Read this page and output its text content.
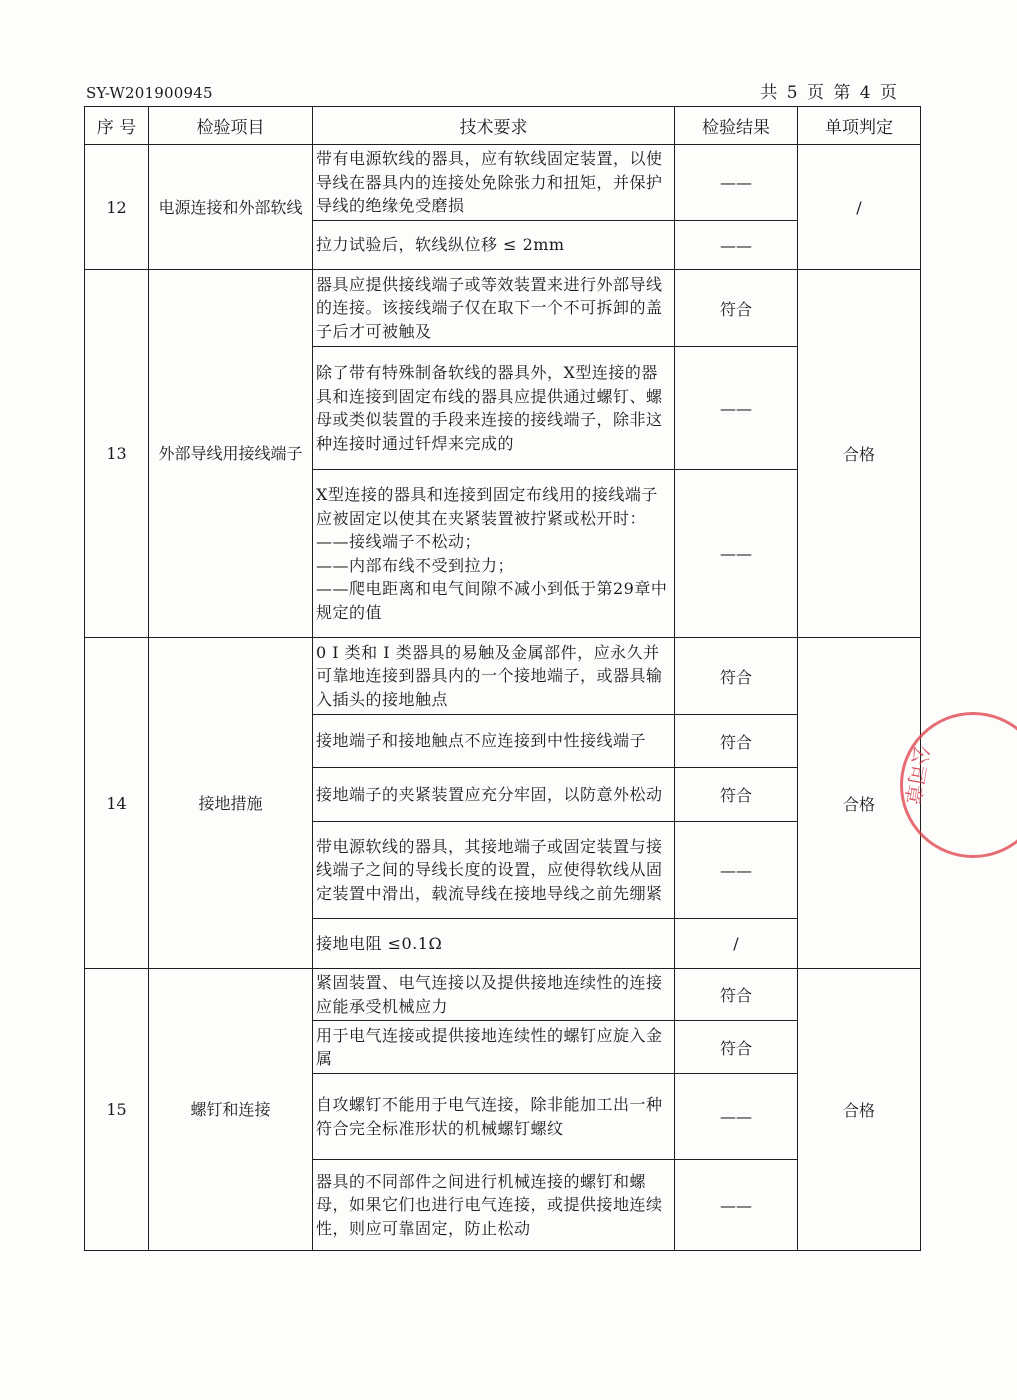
SY-W201900945	共 5 页 第 4 页
序 号	检验项目	技术要求	检验结果	单项判定
12	电源连接和外部软线	带有电源软线的器具，应有软线固定装置，以使导线在器具内的连接处免除张力和扭矩，并保护导线的绝缘免受磨损	——	/
		拉力试验后，软线纵位移 ≤ 2mm	——	
13	外部导线用接线端子	器具应提供接线端子或等效装置来进行外部导线的连接。该接线端子仅在取下一个不可拆卸的盖子后才可被触及	符合	合格
		除了带有特殊制备软线的器具外，X型连接的器具和连接到固定布线的器具应提供通过螺钉、螺母或类似装置的手段来连接的接线端子，除非这种连接时通过钎焊来完成的	——	
		X型连接的器具和连接到固定布线用的接线端子应被固定以使其在夹紧装置被拧紧或松开时：
——接线端子不松动；
——内部布线不受到拉力；
——爬电距离和电气间隙不减小到低于第29章中规定的值	——	
14	接地措施	0 I 类和 I 类器具的易触及金属部件，应永久并可靠地连接到器具内的一个接地端子，或器具输入插头的接地触点	符合	合格
		接地端子和接地触点不应连接到中性接线端子	符合	
		接地端子的夹紧装置应充分牢固，以防意外松动	符合	
		带电源软线的器具，其接地端子或固定装置与接线端子之间的导线长度的设置，应使得软线从固定装置中滑出，载流导线在接地导线之前先绷紧	——	
		接地电阻 ≤0.1Ω	/	
15	螺钉和连接	紧固装置、电气连接以及提供接地连续性的连接应能承受机械应力	符合	合格
		用于电气连接或提供接地连续性的螺钉应旋入金属	符合	
		自攻螺钉不能用于电气连接，除非能加工出一种符合完全标准形状的机械螺钉螺纹	——	
		器具的不同部件之间进行机械连接的螺钉和螺母，如果它们也进行电气连接，或提供接地连续性，则应可靠固定，防止松动	——	
公司章
